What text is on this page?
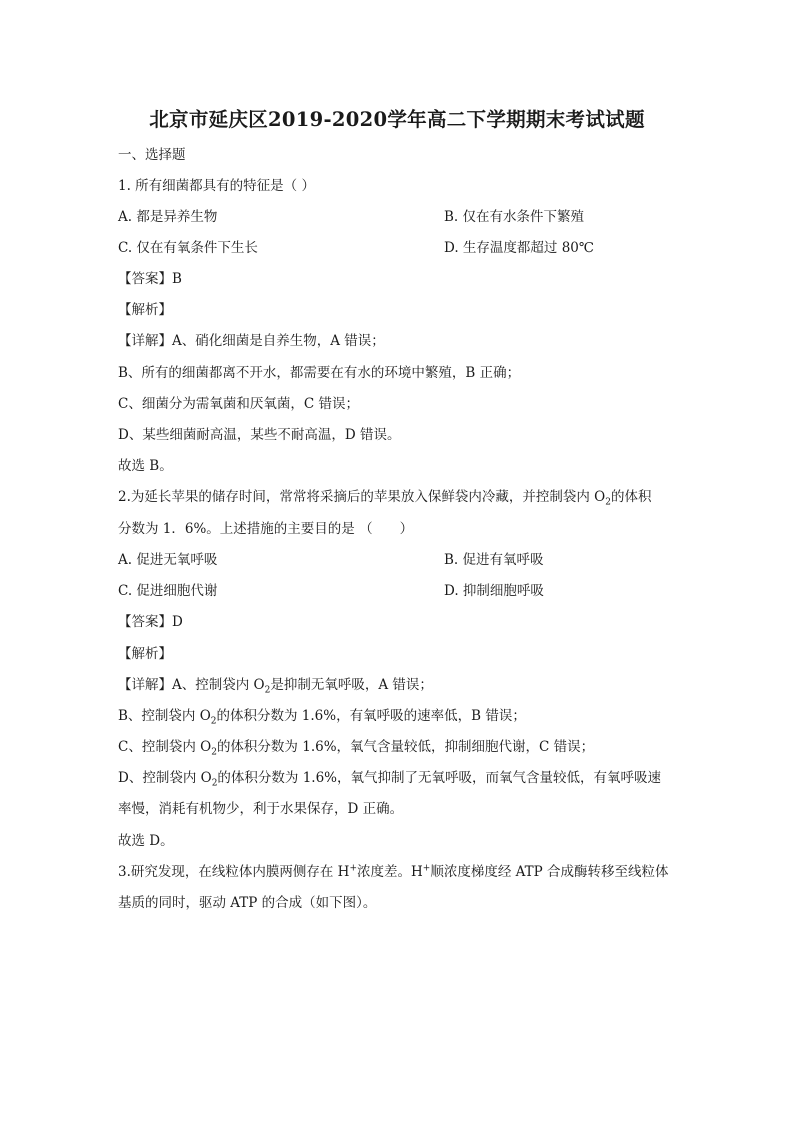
北京市延庆区2019-2020学年高二下学期期末考试试题
一、选择题
1. 所有细菌都具有的特征是（ ）
A. 都是异养生物	B. 仅在有水条件下繁殖
C. 仅在有氧条件下生长	D. 生存温度都超过 80℃
【答案】B
【解析】
【详解】A、硝化细菌是自养生物，A 错误；
B、所有的细菌都离不开水，都需要在有水的环境中繁殖，B 正确；
C、细菌分为需氧菌和厌氧菌，C 错误；
D、某些细菌耐高温，某些不耐高温，D 错误。
故选 B。
2.为延长苹果的储存时间，常常将采摘后的苹果放入保鲜袋内冷藏，并控制袋内 $O_2$的体积
分数为 1．6%。上述措施的主要目的是 （　　）
A. 促进无氧呼吸	B. 促进有氧呼吸
C. 促进细胞代谢	D. 抑制细胞呼吸
【答案】D
【解析】
【详解】A、控制袋内 $O_2$是抑制无氧呼吸，A 错误；
B、控制袋内 $O_2$的体积分数为 1.6%，有氧呼吸的速率低，B 错误；
C、控制袋内 $O_2$的体积分数为 1.6%，氧气含量较低，抑制细胞代谢，C 错误；
D、控制袋内 $O_2$的体积分数为 1.6%，氧气抑制了无氧呼吸，而氧气含量较低，有氧呼吸速
率慢，消耗有机物少，利于水果保存，D 正确。
故选 D。
3.研究发现，在线粒体内膜两侧存在 H+浓度差。H+顺浓度梯度经 ATP 合成酶转移至线粒体
基质的同时，驱动 ATP 的合成（如下图）。
